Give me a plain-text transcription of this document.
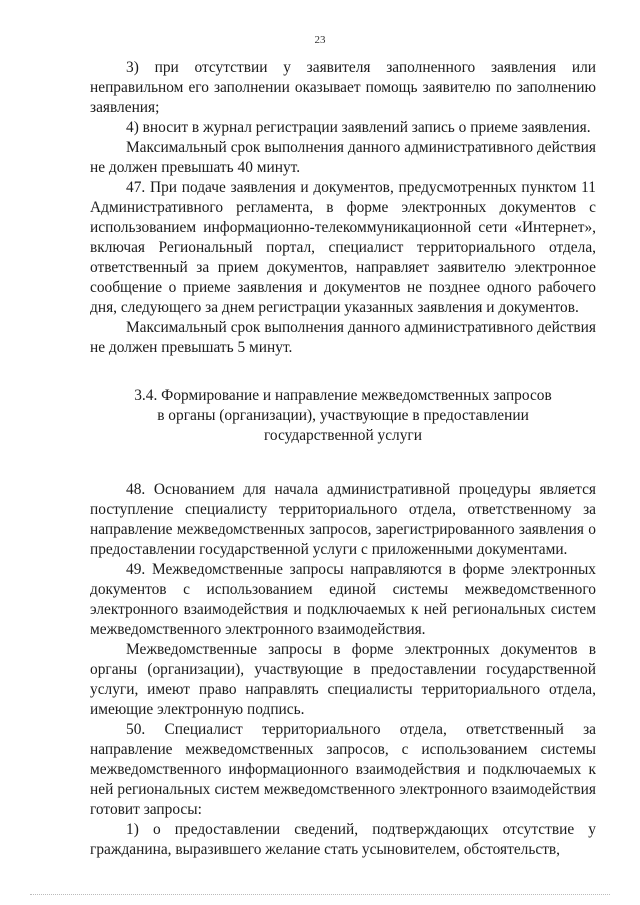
23

3) при отсутствии у заявителя заполненного заявления или неправильном его заполнении оказывает помощь заявителю по заполнению заявления;

4) вносит в журнал регистрации заявлений запись о приеме заявления.

Максимальный срок выполнения данного административного действия не должен превышать 40 минут.

47. При подаче заявления и документов, предусмотренных пунктом 11 Административного регламента, в форме электронных документов с использованием информационно-телекоммуникационной сети «Интернет», включая Региональный портал, специалист территориального отдела, ответственный за прием документов, направляет заявителю электронное сообщение о приеме заявления и документов не позднее одного рабочего дня, следующего за днем регистрации указанных заявления и документов.

Максимальный срок выполнения данного административного действия не должен превышать 5 минут.

3.4. Формирование и направление межведомственных запросов
в органы (организации), участвующие в предоставлении
государственной услуги

48. Основанием для начала административной процедуры является поступление специалисту территориального отдела, ответственному за направление межведомственных запросов, зарегистрированного заявления о предоставлении государственной услуги с приложенными документами.

49. Межведомственные запросы направляются в форме электронных документов с использованием единой системы межведомственного электронного взаимодействия и подключаемых к ней региональных систем межведомственного электронного взаимодействия.

Межведомственные запросы в форме электронных документов в органы (организации), участвующие в предоставлении государственной услуги, имеют право направлять специалисты территориального отдела, имеющие электронную подпись.

50. Специалист территориального отдела, ответственный за направление межведомственных запросов, с использованием системы межведомственного информационного взаимодействия и подключаемых к ней региональных систем межведомственного электронного взаимодействия готовит запросы:

1) о предоставлении сведений, подтверждающих отсутствие у гражданина, выразившего желание стать усыновителем, обстоятельств,
